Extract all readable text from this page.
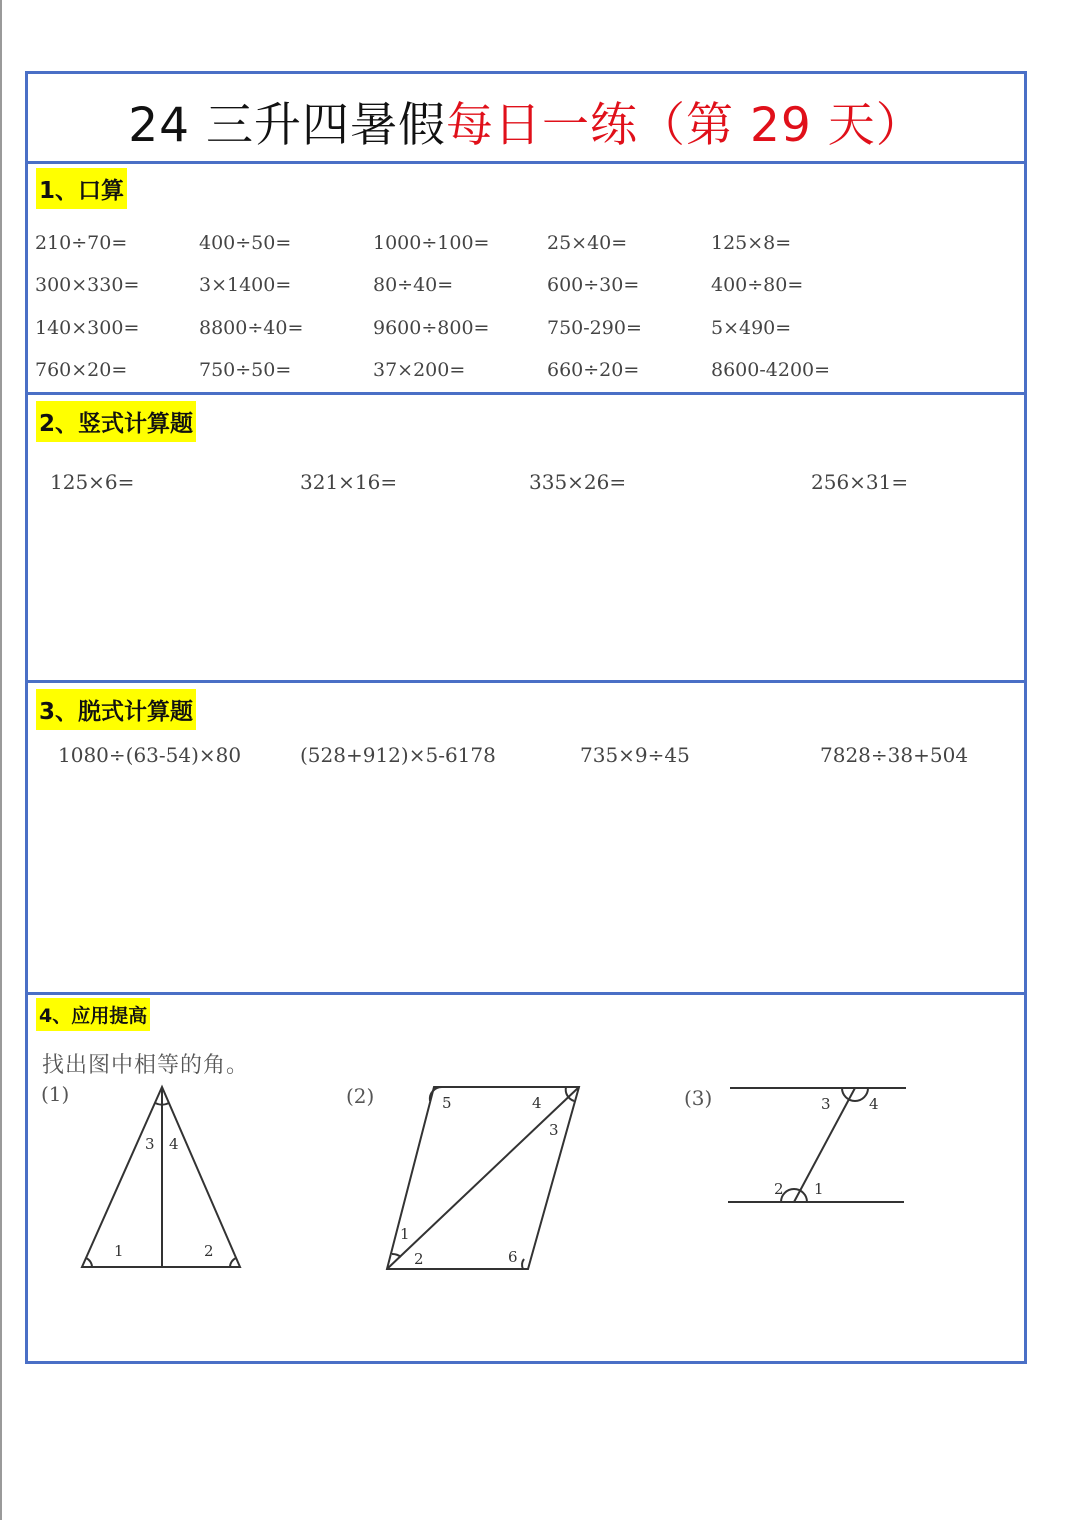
24 三升四暑假每日一练（第 29 天）
1、口算
210÷70=	400÷50=	1000÷100=	25×40=	125×8=
300×330=	3×1400=	80÷40=	600÷30=	400÷80=
140×300=	8800÷40=	9600÷800=	750-290=	5×490=
760×20=	750÷50=	37×200=	660÷20=	8600-4200=
2、竖式计算题
125×6=	321×16=	335×26=	256×31=
3、脱式计算题
1080÷(63-54)×80	(528+912)×5-6178	735×9÷45	7828÷38+504
4、应用提高
找出图中相等的角。
(1)	(2)	(3)
1	2
3 4
1
2
3
4
5
6
1
2
3	4
